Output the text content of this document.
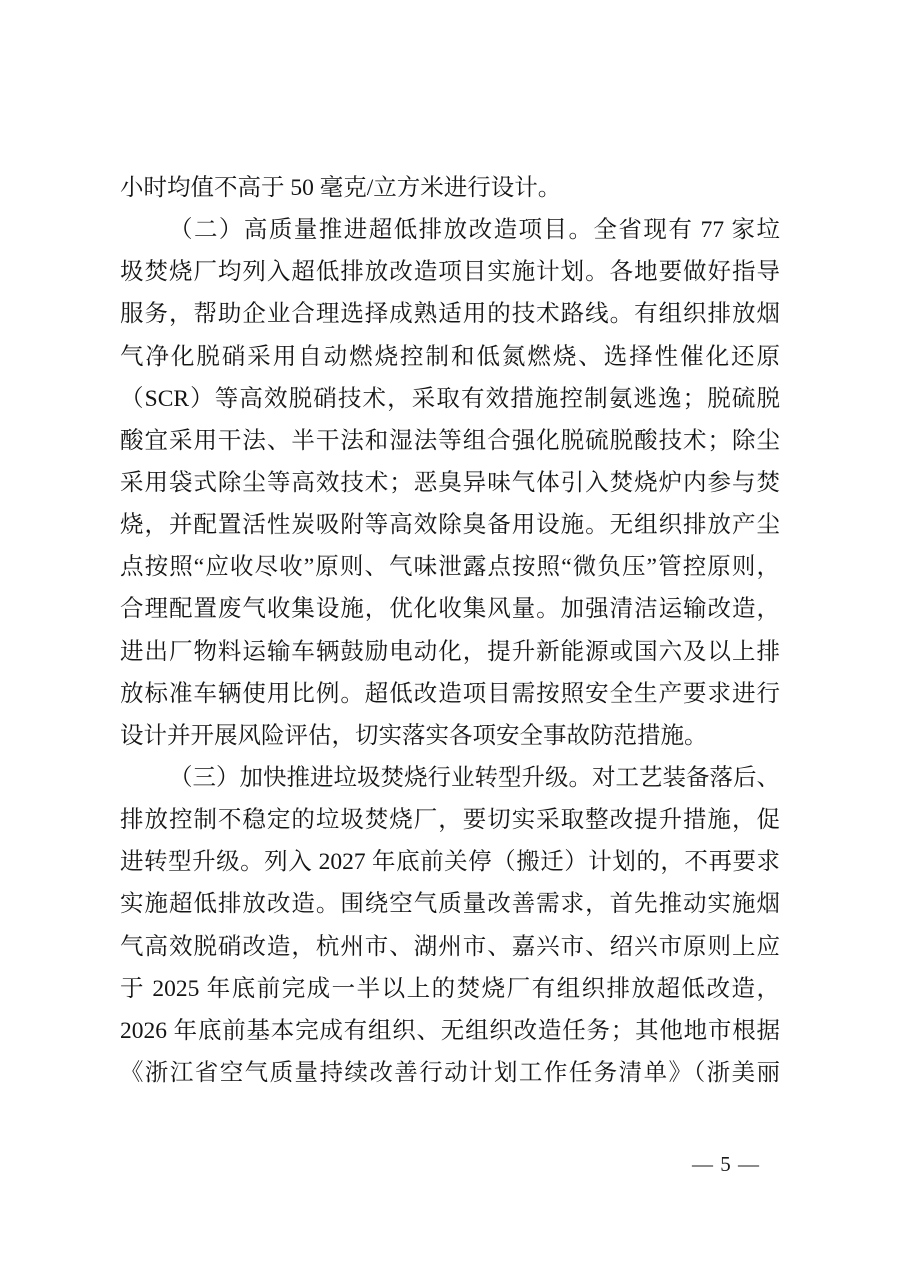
小时均值不高于 50 毫克/立方米进行设计。
（二）高质量推进超低排放改造项目。全省现有 77 家垃
圾焚烧厂均列入超低排放改造项目实施计划。各地要做好指导
服务，帮助企业合理选择成熟适用的技术路线。有组织排放烟
气净化脱硝采用自动燃烧控制和低氮燃烧、选择性催化还原
（SCR）等高效脱硝技术，采取有效措施控制氨逃逸；脱硫脱
酸宜采用干法、半干法和湿法等组合强化脱硫脱酸技术；除尘
采用袋式除尘等高效技术；恶臭异味气体引入焚烧炉内参与焚
烧，并配置活性炭吸附等高效除臭备用设施。无组织排放产尘
点按照“应收尽收”原则、气味泄露点按照“微负压”管控原则，
合理配置废气收集设施，优化收集风量。加强清洁运输改造，
进出厂物料运输车辆鼓励电动化，提升新能源或国六及以上排
放标准车辆使用比例。超低改造项目需按照安全生产要求进行
设计并开展风险评估，切实落实各项安全事故防范措施。
（三）加快推进垃圾焚烧行业转型升级。对工艺装备落后、
排放控制不稳定的垃圾焚烧厂，要切实采取整改提升措施，促
进转型升级。列入 2027 年底前关停（搬迁）计划的，不再要求
实施超低排放改造。围绕空气质量改善需求，首先推动实施烟
气高效脱硝改造，杭州市、湖州市、嘉兴市、绍兴市原则上应
于 2025 年底前完成一半以上的焚烧厂有组织排放超低改造，
2026 年底前基本完成有组织、无组织改造任务；其他地市根据
《浙江省空气质量持续改善行动计划工作任务清单》（浙美丽
— 5 —
